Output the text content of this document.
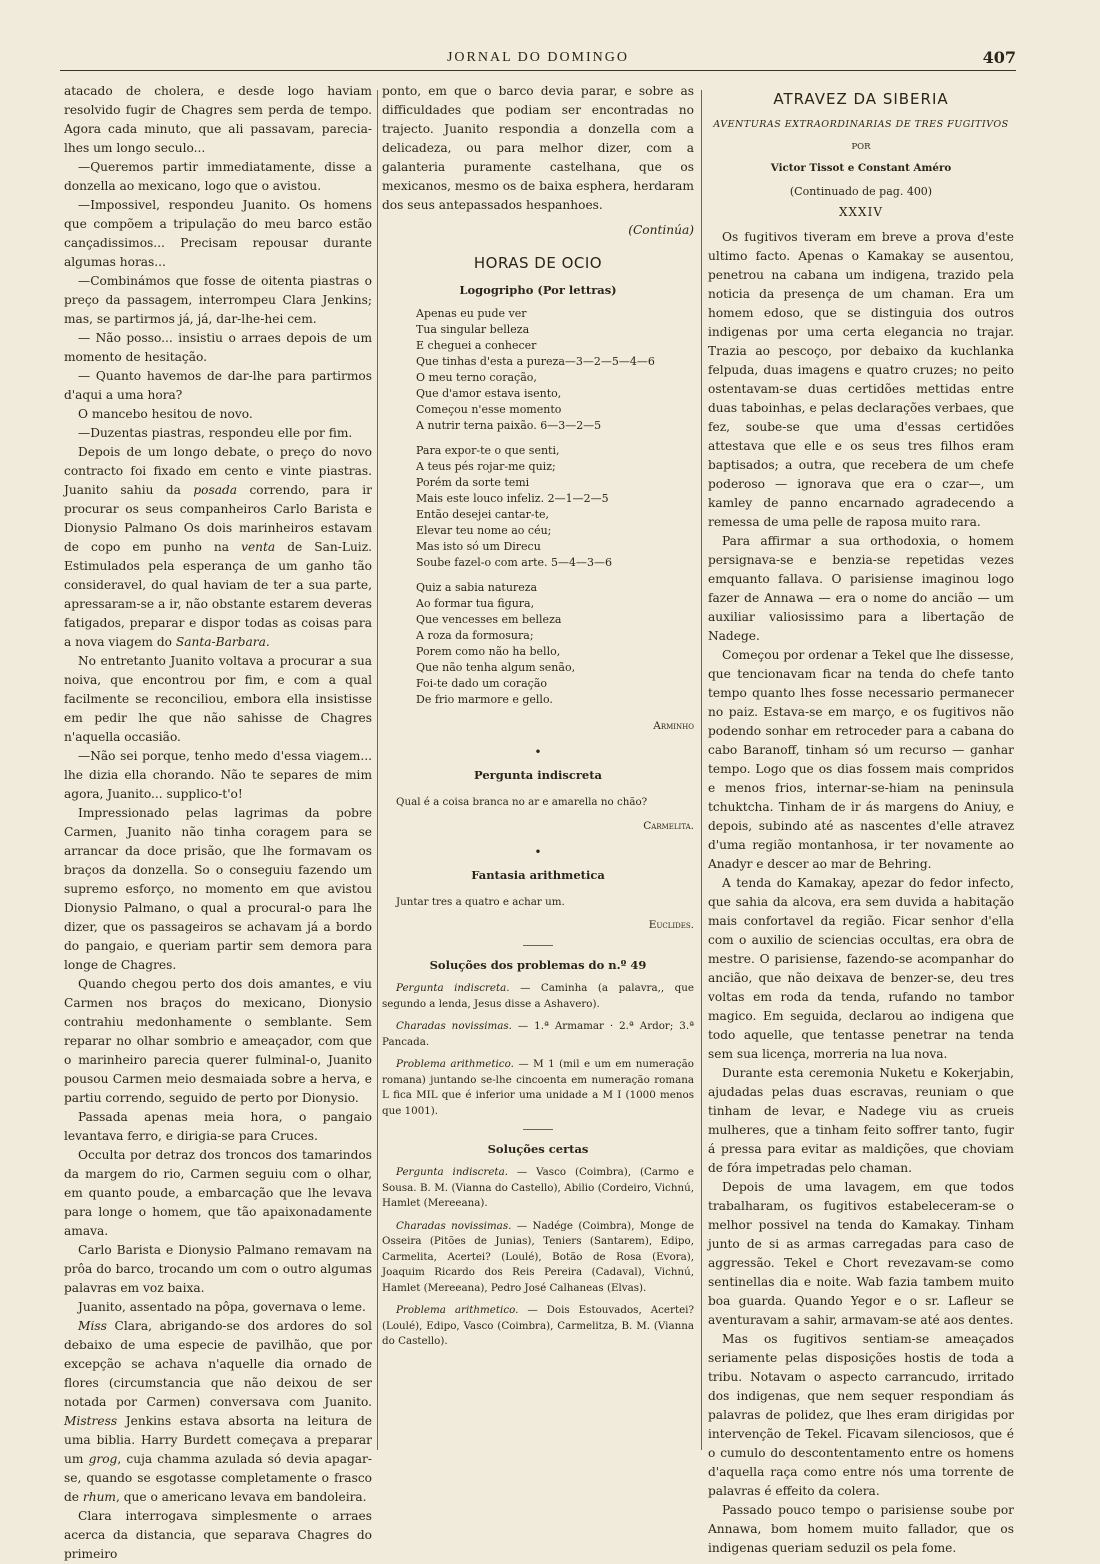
JORNAL DO DOMINGO	407

atacado de cholera, e desde logo haviam resolvido fugir de Chagres sem perda de tempo. Agora cada minuto, que ali passavam, parecia-lhes um longo seculo...

—Queremos partir immediatamente, disse a donzella ao mexicano, logo que o avistou.

—Impossivel, respondeu Juanito. Os homens que compõem a tripulação do meu barco estão cançadissimos... Precisam repousar durante algumas horas...

—Combinámos que fosse de oitenta piastras o preço da passagem, interrompeu Clara Jenkins; mas, se partirmos já, já, dar-lhe-hei cem.

— Não posso... insistiu o arraes depois de um momento de hesitação.

— Quanto havemos de dar-lhe para partirmos d'aqui a uma hora?

O mancebo hesitou de novo.

—Duzentas piastras, respondeu elle por fim.

Depois de um longo debate, o preço do novo contracto foi fixado em cento e vinte piastras. Juanito sahiu da posada correndo, para ir procurar os seus companheiros Carlo Barista e Dionysio Palmano Os dois marinheiros estavam de copo em punho na venta de San-Luiz. Estimulados pela esperança de um ganho tão consideravel, do qual haviam de ter a sua parte, apressaram-se a ir, não obstante estarem deveras fatigados, preparar e dispor todas as coisas para a nova viagem do Santa-Barbara.

No entretanto Juanito voltava a procurar a sua noiva, que encontrou por fim, e com a qual facilmente se reconciliou, embora ella insistisse em pedir lhe que não sahisse de Chagres n'aquella occasião.

—Não sei porque, tenho medo d'essa viagem... lhe dizia ella chorando. Não te separes de mim agora, Juanito... supplico-t'o!

Impressionado pelas lagrimas da pobre Carmen, Juanito não tinha coragem para se arrancar da doce prisão, que lhe formavam os braços da donzella. So o conseguiu fazendo um supremo esforço, no momento em que avistou Dionysio Palmano, o qual a procural-o para lhe dizer, que os passageiros se achavam já a bordo do pangaio, e queriam partir sem demora para longe de Chagres.

Quando chegou perto dos dois amantes, e viu Carmen nos braços do mexicano, Dionysio contrahiu medonhamente o semblante. Sem reparar no olhar sombrio e ameaçador, com que o marinheiro parecia querer fulminal-o, Juanito pousou Carmen meio desmaiada sobre a herva, e partiu correndo, seguido de perto por Dionysio.

Passada apenas meia hora, o pangaio levantava ferro, e dirigia-se para Cruces.

Occulta por detraz dos troncos dos tamarindos da margem do rio, Carmen seguiu com o olhar, em quanto poude, a embarcação que lhe levava para longe o homem, que tão apaixonadamente amava.

Carlo Barista e Dionysio Palmano remavam na prôa do barco, trocando um com o outro algumas palavras em voz baixa.

Juanito, assentado na pôpa, governava o leme.

Miss Clara, abrigando-se dos ardores do sol debaixo de uma especie de pavilhão, que por excepção se achava n'aquelle dia ornado de flores (circumstancia que não deixou de ser notada por Carmen) conversava com Juanito. Mistress Jenkins estava absorta na leitura de uma biblia. Harry Burdett começava a preparar um grog, cuja chamma azulada só devia apagar-se, quando se esgotasse completamente o frasco de rhum, que o americano levava em bandoleira.

Clara interrogava simplesmente o arraes acerca da distancia, que separava Chagres do primeiro

ponto, em que o barco devia parar, e sobre as difficuldades que podiam ser encontradas no trajecto. Juanito respondia a donzella com a delicadeza, ou para melhor dizer, com a galanteria puramente castelhana, que os mexicanos, mesmo os de baixa esphera, herdaram dos seus antepassados hespanhoes.

(Continúa)

HORAS DE OCIO
Logogripho (Por lettras)
Apenas eu pude ver
Tua singular belleza
E cheguei a conhecer
Que tinhas d'esta a pureza—3—2—5—4—6
O meu terno coração,
Que d'amor estava isento,
Começou n'esse momento
A nutrir terna paixão. 6—3—2—5
Para expor-te o que senti,
A teus pés rojar-me quiz;
Porém da sorte temi
Mais este louco infeliz. 2—1—2—5
Então desejei cantar-te,
Elevar teu nome ao céu;
Mas isto só um Direcu
Soube fazel-o com arte. 5—4—3—6
Quiz a sabia natureza
Ao formar tua figura,
Que vencesses em belleza
A roza da formosura;
Porem como não ha bello,
Que não tenha algum senão,
Foi-te dado um coração
De frio marmore e gello.
Arminho
•
Pergunta indiscreta
Qual é a coisa branca no ar e amarella no chão?
Carmelita.
•
Fantasia arithmetica
Juntar tres a quatro e achar um.
Euclides.
Soluções dos problemas do n.º 49

Pergunta indiscreta. — Caminha (a palavra,, que segundo a lenda, Jesus disse a Ashavero).

Charadas novissimas. — 1.ª Armamar · 2.ª Ardor; 3.ª Pancada.

Problema arithmetico. — M 1 (mil e um em numeração romana) juntando se-lhe cincoenta em numeração romana L fica MIL que é inferior uma unidade a M I (1000 menos que 1001).

Soluções certas

Pergunta indiscreta. — Vasco (Coimbra), (Carmo e Sousa. B. M. (Vianna do Castello), Abilio (Cordeiro, Vichnú, Hamlet (Mereeana).

Charadas novissimas. — Nadége (Coimbra), Monge de Osseira (Pitões de Junias), Teniers (Santarem), Edipo, Carmelita, Acertei? (Loulé), Botão de Rosa (Evora), Joaquim Ricardo dos Reis Pereira (Cadaval), Vichnú, Hamlet (Mereeana), Pedro José Calhaneas (Elvas).

Problema arithmetico. — Dois Estouvados, Acertei? (Loulé), Edipo, Vasco (Coimbra), Carmelitza, B. M. (Vianna do Castello).

ATRAVEZ DA SIBERIA
AVENTURAS EXTRAORDINARIAS DE TRES FUGITIVOS
POR
Victor Tissot e Constant Améro
(Continuado de pag. 400)
XXXIV

Os fugitivos tiveram em breve a prova d'este ultimo facto. Apenas o Kamakay se ausentou, penetrou na cabana um indigena, trazido pela noticia da presença de um chaman. Era um homem edoso, que se distinguia dos outros indigenas por uma certa elegancia no trajar. Trazia ao pescoço, por debaixo da kuchlanka felpuda, duas imagens e quatro cruzes; no peito ostentavam-se duas certidões mettidas entre duas taboinhas, e pelas declarações verbaes, que fez, soube-se que uma d'essas certidões attestava que elle e os seus tres filhos eram baptisados; a outra, que recebera de um chefe poderoso — ignorava que era o czar—, um kamley de panno encarnado agradecendo a remessa de uma pelle de raposa muito rara.

Para affirmar a sua orthodoxia, o homem persignava-se e benzia-se repetidas vezes emquanto fallava. O parisiense imaginou logo fazer de Annawa — era o nome do ancião — um auxiliar valiosissimo para a libertação de Nadege.

Começou por ordenar a Tekel que lhe dissesse, que tencionavam ficar na tenda do chefe tanto tempo quanto lhes fosse necessario permanecer no paiz. Estava-se em março, e os fugitivos não podendo sonhar em retroceder para a cabana do cabo Baranoff, tinham só um recurso — ganhar tempo. Logo que os dias fossem mais compridos e menos frios, internar-se-hiam na peninsula tchuktcha. Tinham de ir ás margens do Aniuy, e depois, subindo até as nascentes d'elle atravez d'uma região montanhosa, ir ter novamente ao Anadyr e descer ao mar de Behring.

A tenda do Kamakay, apezar do fedor infecto, que sahia da alcova, era sem duvida a habitação mais confortavel da região. Ficar senhor d'ella com o auxilio de sciencias occultas, era obra de mestre. O parisiense, fazendo-se acompanhar do ancião, que não deixava de benzer-se, deu tres voltas em roda da tenda, rufando no tambor magico. Em seguida, declarou ao indigena que todo aquelle, que tentasse penetrar na tenda sem sua licença, morreria na lua nova.

Durante esta ceremonia Nuketu e Kokerjabin, ajudadas pelas duas escravas, reuniam o que tinham de levar, e Nadege viu as crueis mulheres, que a tinham feito soffrer tanto, fugir á pressa para evitar as maldições, que choviam de fóra impetradas pelo chaman.

Depois de uma lavagem, em que todos trabalharam, os fugitivos estabeleceram-se o melhor possivel na tenda do Kamakay. Tinham junto de si as armas carregadas para caso de aggressão. Tekel e Chort revezavam-se como sentinellas dia e noite. Wab fazia tambem muito boa guarda. Quando Yegor e o sr. Lafleur se aventuravam a sahir, armavam-se até aos dentes.

Mas os fugitivos sentiam-se ameaçados seriamente pelas disposições hostis de toda a tribu. Notavam o aspecto carrancudo, irritado dos indigenas, que nem sequer respondiam ás palavras de polidez, que lhes eram dirigidas por intervenção de Tekel. Ficavam silenciosos, que é o cumulo do descontentamento entre os homens d'aquella raça como entre nós uma torrente de palavras é effeito da colera.

Passado pouco tempo o parisiense soube por Annawa, bom homem muito fallador, que os indigenas queriam seduzil os pela fome.
